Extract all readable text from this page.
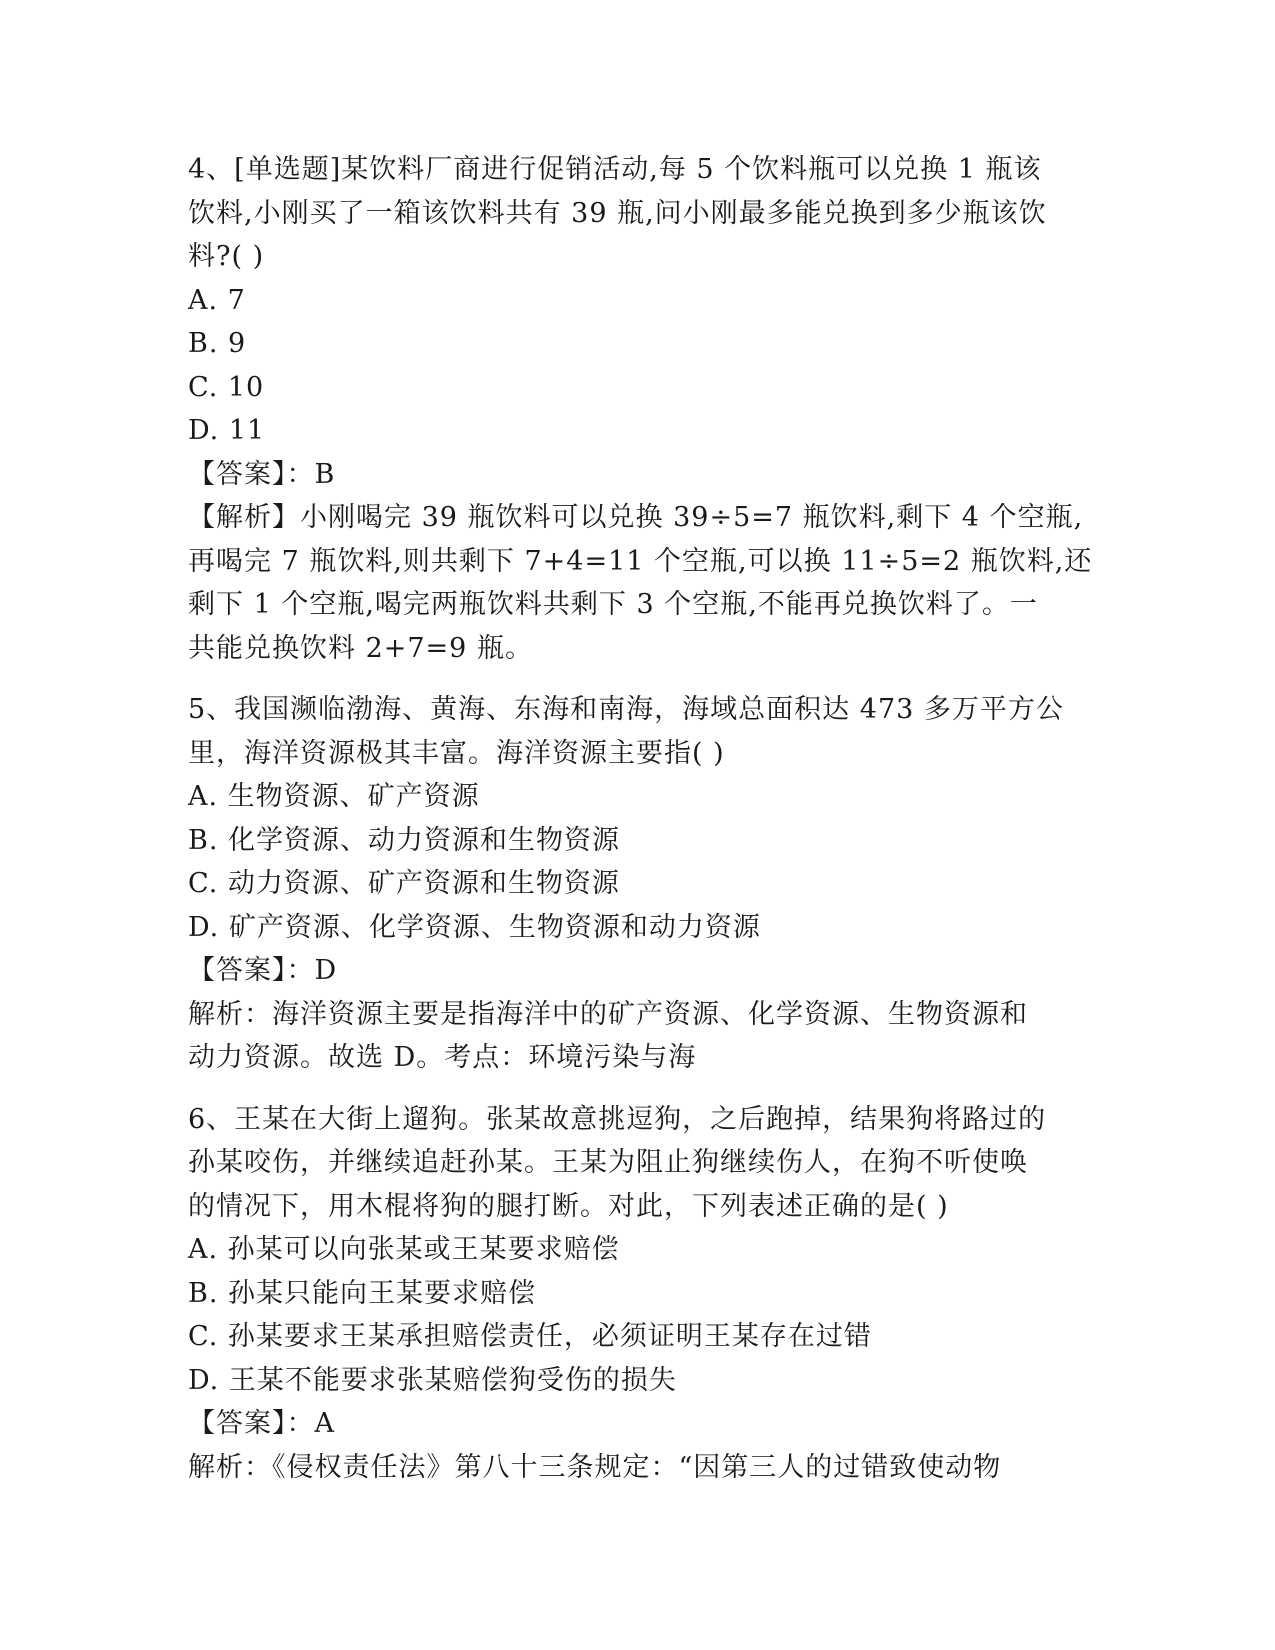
4、[单选题]某饮料厂商进行促销活动,每 5 个饮料瓶可以兑换 1 瓶该
饮料,小刚买了一箱该饮料共有 39 瓶,问小刚最多能兑换到多少瓶该饮
料?( )
A. 7
B. 9
C. 10
D. 11
【答案】：B
【解析】小刚喝完 39 瓶饮料可以兑换 39÷5=7 瓶饮料,剩下 4 个空瓶,
再喝完 7 瓶饮料,则共剩下 7+4=11 个空瓶,可以换 11÷5=2 瓶饮料,还
剩下 1 个空瓶,喝完两瓶饮料共剩下 3 个空瓶,不能再兑换饮料了。一
共能兑换饮料 2+7=9 瓶。
5、我国濒临渤海、黄海、东海和南海，海域总面积达 473 多万平方公
里，海洋资源极其丰富。海洋资源主要指( )
A. 生物资源、矿产资源
B. 化学资源、动力资源和生物资源
C. 动力资源、矿产资源和生物资源
D. 矿产资源、化学资源、生物资源和动力资源
【答案】：D
解析：海洋资源主要是指海洋中的矿产资源、化学资源、生物资源和
动力资源。故选 D。考点：环境污染与海
6、王某在大街上遛狗。张某故意挑逗狗，之后跑掉，结果狗将路过的
孙某咬伤，并继续追赶孙某。王某为阻止狗继续伤人，在狗不听使唤
的情况下，用木棍将狗的腿打断。对此，下列表述正确的是( )
A. 孙某可以向张某或王某要求赔偿
B. 孙某只能向王某要求赔偿
C. 孙某要求王某承担赔偿责任，必须证明王某存在过错
D. 王某不能要求张某赔偿狗受伤的损失
【答案】：A
解析：《侵权责任法》第八十三条规定：“因第三人的过错致使动物
